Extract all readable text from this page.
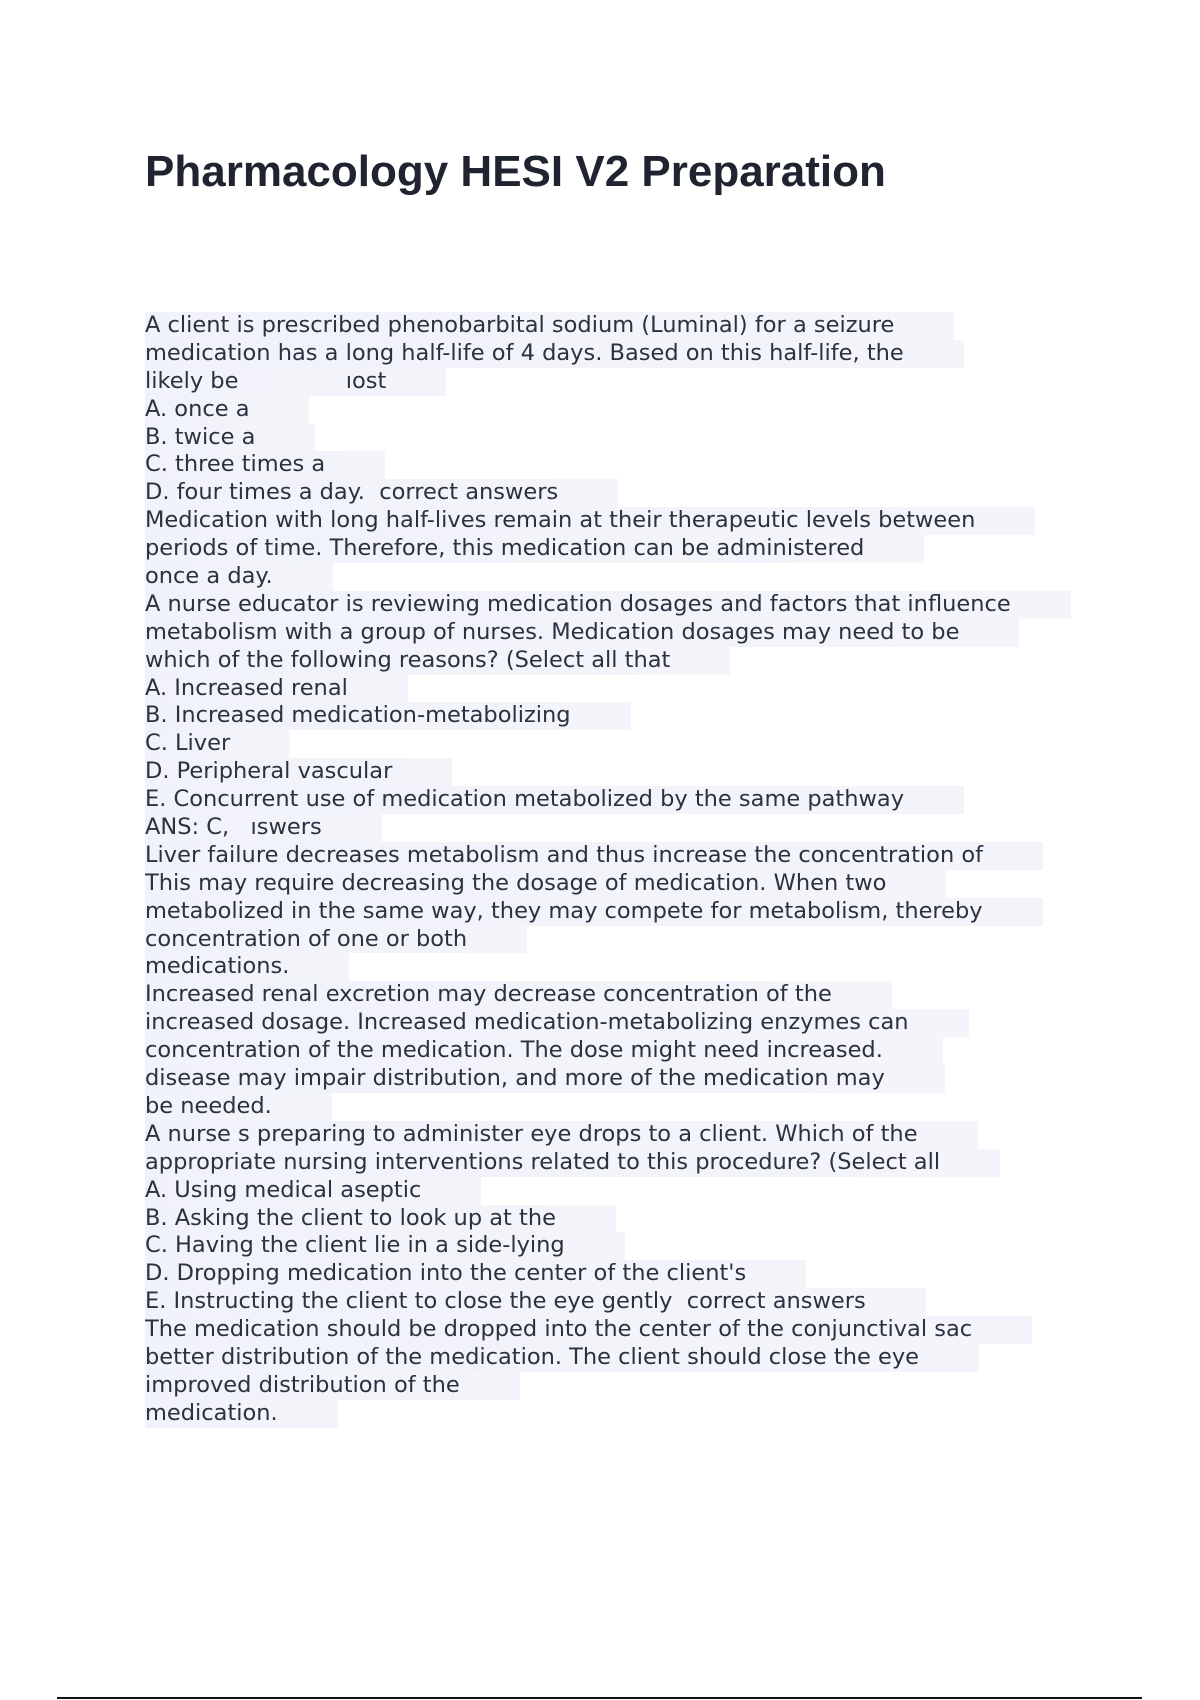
Pharmacology HESI V2 Preparation
A client is prescribed phenobarbital sodium (Luminal) for a seizure
medication has a long half-life of 4 days. Based on this half-life, the
likely be               ıost
A. once a
B. twice a
C. three times a
D. four times a day.  correct answers
Medication with long half-lives remain at their therapeutic levels between
periods of time. Therefore, this medication can be administered
once a day.
A nurse educator is reviewing medication dosages and factors that influence
metabolism with a group of nurses. Medication dosages may need to be
which of the following reasons? (Select all that
A. Increased renal
B. Increased medication-metabolizing
C. Liver
D. Peripheral vascular
E. Concurrent use of medication metabolized by the same pathway
ANS: C,   ıswers
Liver failure decreases metabolism and thus increase the concentration of
This may require decreasing the dosage of medication. When two
metabolized in the same way, they may compete for metabolism, thereby
concentration of one or both
medications.
Increased renal excretion may decrease concentration of the
increased dosage. Increased medication-metabolizing enzymes can
concentration of the medication. The dose might need increased.
disease may impair distribution, and more of the medication may
be needed.
A nurse s preparing to administer eye drops to a client. Which of the
appropriate nursing interventions related to this procedure? (Select all
A. Using medical aseptic
B. Asking the client to look up at the
C. Having the client lie in a side-lying
D. Dropping medication into the center of the client's
E. Instructing the client to close the eye gently  correct answers
The medication should be dropped into the center of the conjunctival sac
better distribution of the medication. The client should close the eye
improved distribution of the
medication.
